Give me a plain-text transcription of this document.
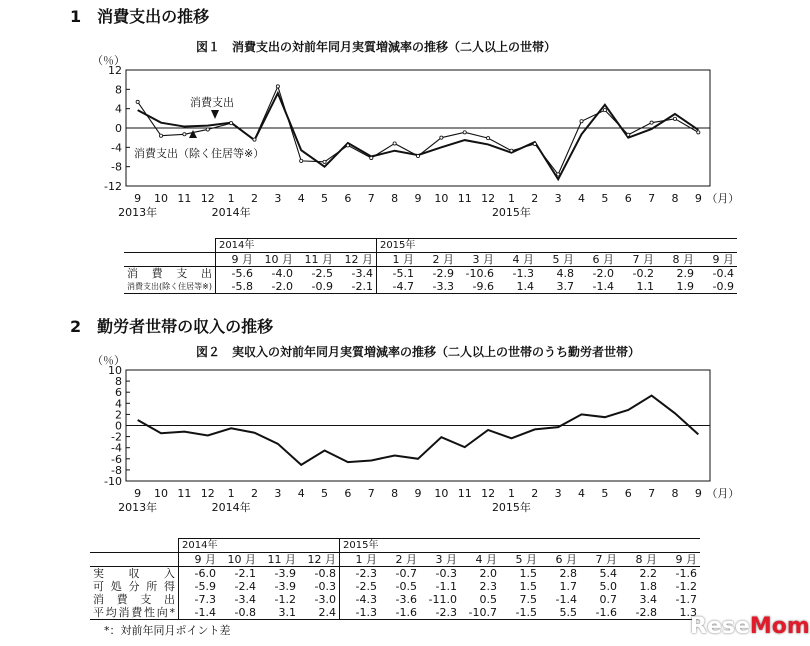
1　消費支出の推移
図１　消費支出の対前年同月実質増減率の推移（二人以上の世帯）
（％）
12
8
4
0
-4
-8
-12
9 10 11 12 1 2 3 4 5 6 7 8 9 10 11 12 1 2 3 4 5 6 7 8 9 （月）
2013年	2014年	2015年
消費支出
消費支出（除く住居等※）
	2014年				2015年								
	9 月	10 月	11 月	12 月	1 月	2 月	3 月	4 月	5 月	6 月	7 月	8 月	9 月
消 費 支 出	-5.6	-4.0	-2.5	-3.4	-5.1	-2.9	-10.6	-1.3	4.8	-2.0	-0.2	2.9	-0.4
消費支出(除く住居等※)	-5.8	-2.0	-0.9	-2.1	-4.7	-3.3	-9.6	1.4	3.7	-1.4	1.1	1.9	-0.9
2　勤労者世帯の収入の推移
図２　実収入の対前年同月実質増減率の推移（二人以上の世帯のうち勤労者世帯）
（％）
10
8
6
4
2
0
-2
-4
-6
-8
-10
9 10 11 12 1 2 3 4 5 6 7 8 9 10 11 12 1 2 3 4 5 6 7 8 9 （月）
2013年	2014年	2015年
	2014年				2015年								
	9 月	10 月	11 月	12 月	1 月	2 月	3 月	4 月	5 月	6 月	7 月	8 月	9 月
実 収 入	-6.0	-2.1	-3.9	-0.8	-2.3	-0.7	-0.3	2.0	1.5	2.8	5.4	2.2	-1.6
可 処 分 所 得	-5.9	-2.4	-3.9	-0.3	-2.5	-0.5	-1.1	2.3	1.5	1.7	5.0	1.8	-1.2
消 費 支 出	-7.3	-3.4	-1.2	-3.0	-4.3	-3.6	-11.0	0.5	7.5	-1.4	0.7	3.4	-1.7
平均消費性向*	-1.4	-0.8	3.1	2.4	-1.3	-1.6	-2.3	-10.7	-1.5	5.5	-1.6	-2.8	1.3
*：対前年同月ポイント差	ReseMom
